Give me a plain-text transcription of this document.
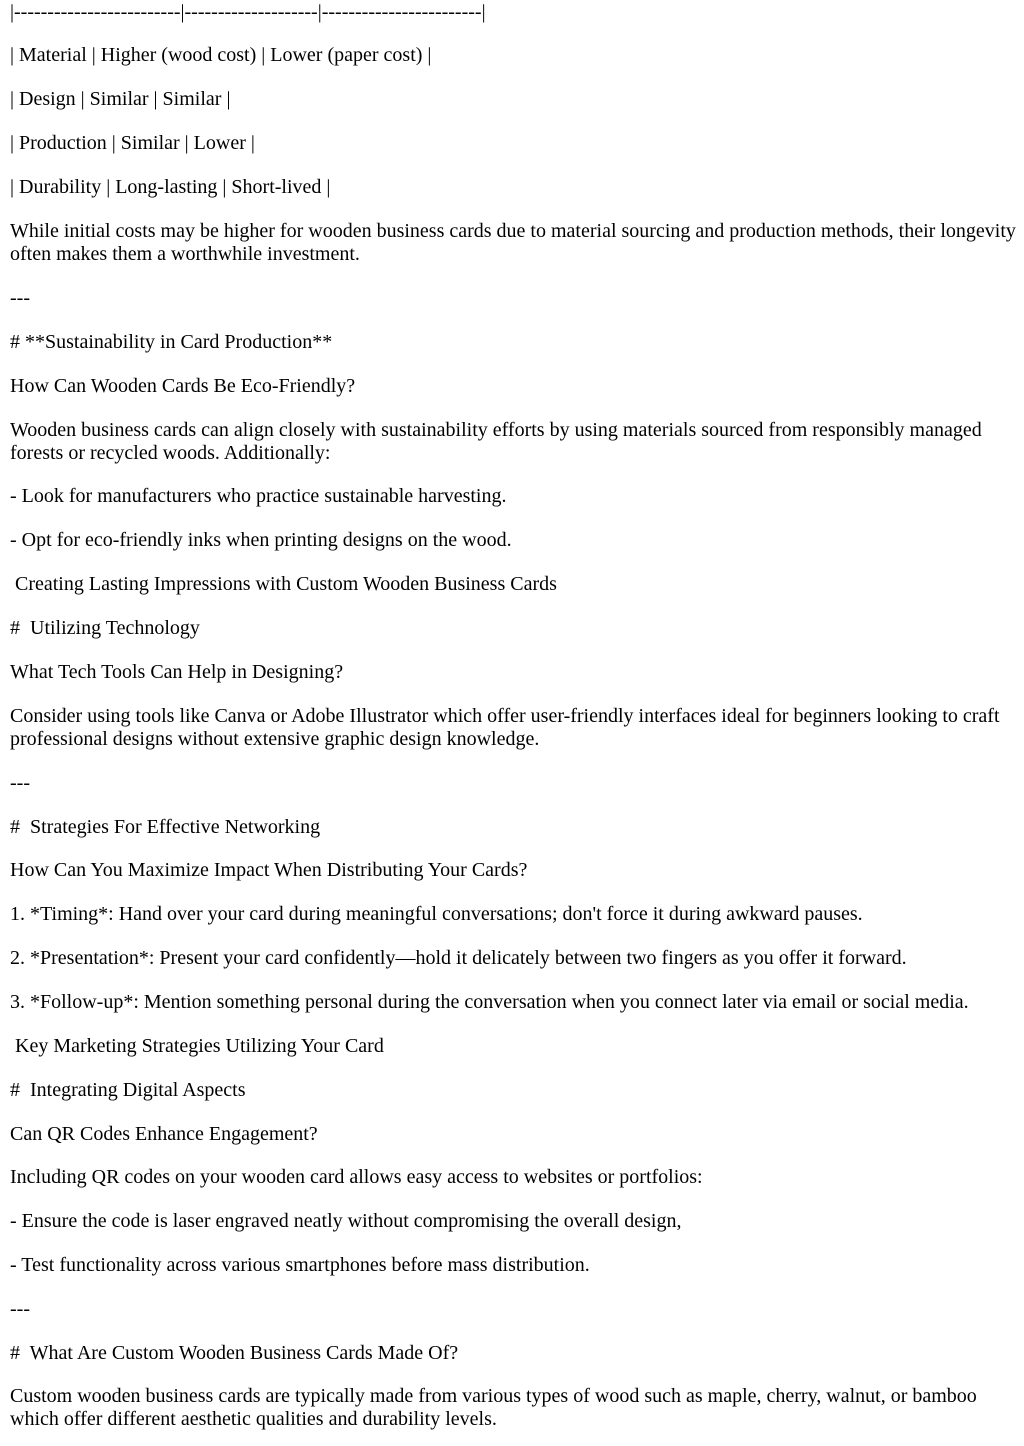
|-------------------------|--------------------|------------------------|

| Material | Higher (wood cost) | Lower (paper cost) |

| Design | Similar | Similar |

| Production | Similar | Lower |

| Durability | Long-lasting | Short-lived |

While initial costs may be higher for wooden business cards due to material sourcing and production methods, their longevity often makes them a worthwhile investment.

---

# **Sustainability in Card Production**

How Can Wooden Cards Be Eco-Friendly?

Wooden business cards can align closely with sustainability efforts by using materials sourced from responsibly managed forests or recycled woods. Additionally:

- Look for manufacturers who practice sustainable harvesting.

- Opt for eco-friendly inks when printing designs on the wood.

Creating Lasting Impressions with Custom Wooden Business Cards

#  Utilizing Technology

What Tech Tools Can Help in Designing?

Consider using tools like Canva or Adobe Illustrator which offer user-friendly interfaces ideal for beginners looking to craft professional designs without extensive graphic design knowledge.

---

#  Strategies For Effective Networking

How Can You Maximize Impact When Distributing Your Cards?

1. *Timing*: Hand over your card during meaningful conversations; don't force it during awkward pauses.

2. *Presentation*: Present your card confidently—hold it delicately between two fingers as you offer it forward.

3. *Follow-up*: Mention something personal during the conversation when you connect later via email or social media.

Key Marketing Strategies Utilizing Your Card

#  Integrating Digital Aspects

Can QR Codes Enhance Engagement?

Including QR codes on your wooden card allows easy access to websites or portfolios:

- Ensure the code is laser engraved neatly without compromising the overall design,

- Test functionality across various smartphones before mass distribution.

---

#  What Are Custom Wooden Business Cards Made Of?

Custom wooden business cards are typically made from various types of wood such as maple, cherry, walnut, or bamboo which offer different aesthetic qualities and durability levels.
